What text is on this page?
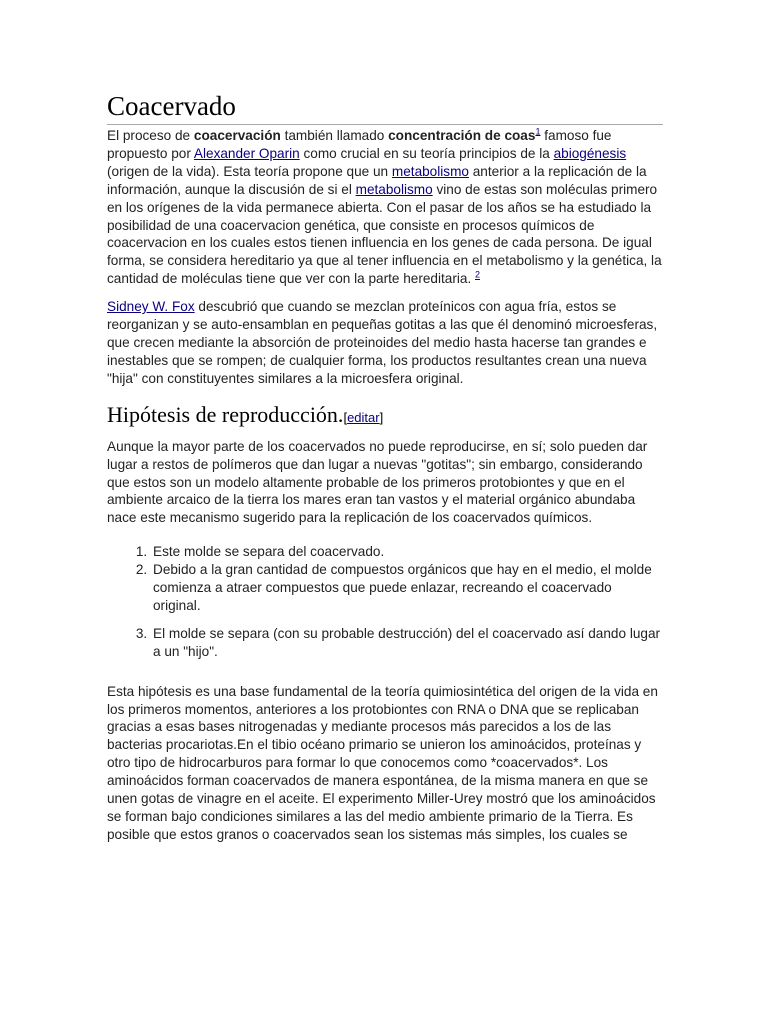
Coacervado

El proceso de coacervación también llamado concentración de coas$^1$ famoso fue propuesto por Alexander Oparin como crucial en su teoría principios de la abiogénesis (origen de la vida). Esta teoría propone que un metabolismo anterior a la replicación de la información, aunque la discusión de si el metabolismo vino de estas son moléculas primero en los orígenes de la vida permanece abierta. Con el pasar de los años se ha estudiado la posibilidad de una coacervacion genética, que consiste en procesos químicos de coacervacion en los cuales estos tienen influencia en los genes de cada persona. De igual forma, se considera hereditario ya que al tener influencia en el metabolismo y la genética, la cantidad de moléculas tiene que ver con la parte hereditaria. $^2$

Sidney W. Fox descubrió que cuando se mezclan proteínicos con agua fría, estos se reorganizan y se auto-ensamblan en pequeñas gotitas a las que él denominó microesferas, que crecen mediante la absorción de proteinoides del medio hasta hacerse tan grandes e inestables que se rompen; de cualquier forma, los productos resultantes crean una nueva "hija" con constituyentes similares a la microesfera original.

Hipótesis de reproducción.[editar]

Aunque la mayor parte de los coacervados no puede reproducirse, en sí; solo pueden dar lugar a restos de polímeros que dan lugar a nuevas "gotitas"; sin embargo, considerando que estos son un modelo altamente probable de los primeros protobiontes y que en el ambiente arcaico de la tierra los mares eran tan vastos y el material orgánico abundaba nace este mecanismo sugerido para la replicación de los coacervados químicos.

1. Este molde se separa del coacervado.
2. Debido a la gran cantidad de compuestos orgánicos que hay en el medio, el molde comienza a atraer compuestos que puede enlazar, recreando el coacervado original.
3. El molde se separa (con su probable destrucción) del el coacervado así dando lugar a un "hijo".

Esta hipótesis es una base fundamental de la teoría quimiosintética del origen de la vida en los primeros momentos, anteriores a los protobiontes con RNA o DNA que se replicaban gracias a esas bases nitrogenadas y mediante procesos más parecidos a los de las bacterias procariotas.En el tibio océano primario se unieron los aminoácidos, proteínas y otro tipo de hidrocarburos para formar lo que conocemos como *coacervados*. Los aminoácidos forman coacervados de manera espontánea, de la misma manera en que se unen gotas de vinagre en el aceite. El experimento Miller-Urey mostró que los aminoácidos se forman bajo condiciones similares a las del medio ambiente primario de la Tierra. Es posible que estos granos o coacervados sean los sistemas más simples, los cuales se
